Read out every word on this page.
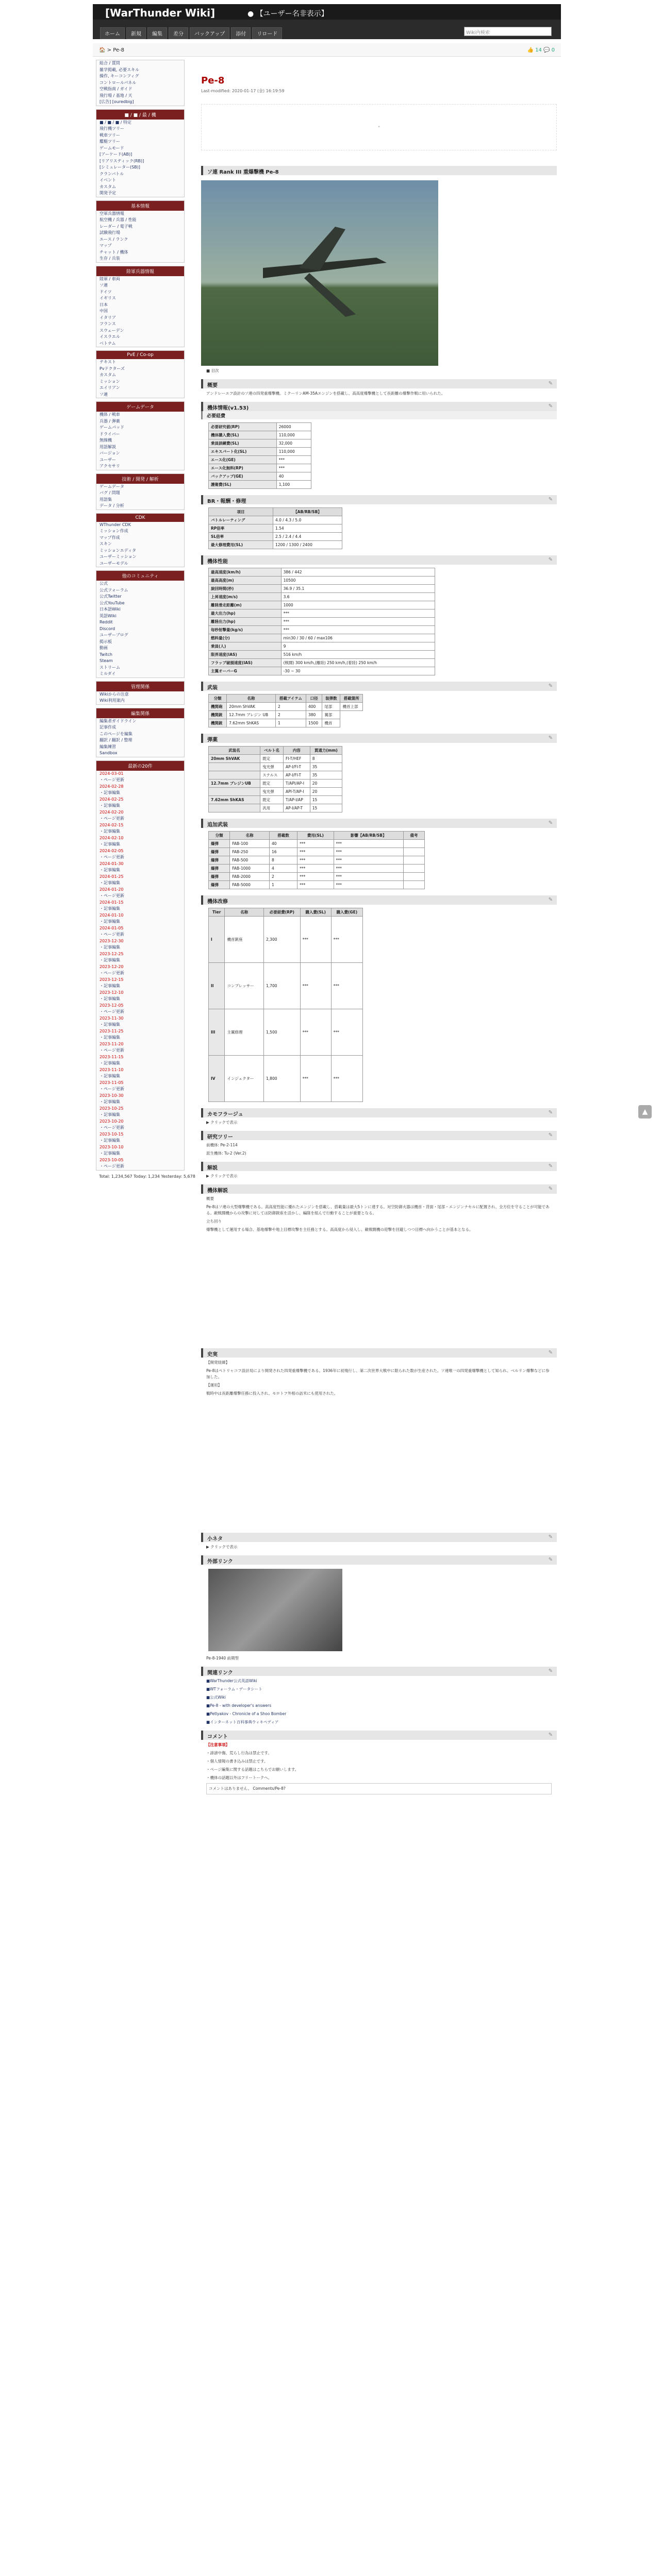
[WarThunder Wiki]	● 【ユーザー名非表示】
ホーム	新規	編集	差分	バックアップ	添付	リロード	Wiki内検索
🏠 > Pe-8	👍 14 💬 0
総合 / 質問
雑学掲載, 必要スキル
操作, キーコンフィグ
コントロールパネル
空戦指南 / ガイド
飛行場 / 基地 / 天
[広告] [ouredbig]
■ / ■ / 最 / 機
■ / ■ / ■ / 特定
飛行機ツリー
戦車ツリー
艦艇ツリー
ゲームモード
[アーケード(AB)]
[リアリスティック(RB)]
[シミュレーター(SB)]
クランバトル
イベント
カスタム
開発予定
基本情報
空軍兵器情報
航空機 / 兵器 / 性能
レーダー / 電子戦
試験飛行場
エース / ランク
マップ
チャット / 機体
生存 / 兵装
陸軍兵器情報
陸軍 / 車両
ソ連
ドイツ
イギリス
日本
中国
イタリア
フランス
スウェーデン
イスラエル
ベトナム
PvE / Co-op
テキスト
Pvドクターズ
カスタム
ミッション
エイリアン
ソ連
ゲームデータ
機体 / 戦車
兵器 / 弾薬
ゲームパッド
ドライバー
無線機
用語解説
バージョン
ユーザー
アクセサリ
技術 / 開発 / 解析
ゲームデータ
バグ / 問題
用語集
データ / 分析
CDK
WThunder CDK
ミッション作成
マップ作成
スキン
ミッションエディタ
ユーザーミッション
ユーザーモデル
他のコミュニティ
公式
公式フォーラム
公式Twitter
公式YouTube
日本語Wiki
英語Wiki
Reddit
Discord
ユーザーブログ
掲示板
動画
Twitch
Steam
ストリーム
ミルダイ
管理関係
Wikiからの注意
Wiki利用案内
編集関係
編集者ガイドライン
記事作成
このページを編集
翻訳 / 翻訳 / 整理
編集練習
Sandbox
最新の20件
2024-03-01
・ページ更新
2024-02-28
・記事編集
2024-02-25
・記事編集
2024-02-20
・ページ更新
2024-02-15
・記事編集
2024-02-10
・記事編集
2024-02-05
・ページ更新
2024-01-30
・記事編集
2024-01-25
・記事編集
2024-01-20
・ページ更新
2024-01-15
・記事編集
2024-01-10
・記事編集
2024-01-05
・ページ更新
2023-12-30
・記事編集
2023-12-25
・記事編集
2023-12-20
・ページ更新
2023-12-15
・記事編集
2023-12-10
・記事編集
2023-12-05
・ページ更新
2023-11-30
・記事編集
2023-11-25
・記事編集
2023-11-20
・ページ更新
2023-11-15
・記事編集
2023-11-10
・記事編集
2023-11-05
・ページ更新
2023-10-30
・記事編集
2023-10-25
・記事編集
2023-10-20
・ページ更新
2023-10-15
・記事編集
2023-10-10
・記事編集
2023-10-05
・ページ更新
Total: 1,234,567 Today: 1,234 Yesterday: 5,678
Pe-8
Last-modified: 2020-01-17 (金) 16:19:59
•
ソ連 Rank III 重爆撃機 Pe-8
■ 目次
概要	✎
アンドレーエフ設計のソ連の四発重爆撃機。ミクーリンAM-35Aエンジンを搭載し、高高度爆撃機として長距離の爆撃作戦に用いられた。
機体情報(v1.53)	✎
必要経費
必要研究値(RP)	26000
機体購入費(SL)	110,000
乗員訓練費(SL)	32,000
エキスパート化(SL)	110,000
エース化(GE)	***
エース化無料(RP)	***
バックアップ(GE)	40
護衛費(SL)	1,100
BR・報酬・修理	✎
項目	【AB/RB/SB】
バトルレーティング	4.0 / 4.3 / 5.0
RP倍率	1.54
SL倍率	2.5 / 2.4 / 4.4
最大修理費用(SL)	1200 / 1300 / 2400
機体性能	✎
最高速度(km/h)	386 / 442
最高高度(m)	10500
旋回時間(秒)	36.9 / 35.1
上昇速度(m/s)	3.6
離陸滑走距離(m)	1000
最大出力(hp)	***
離陸出力(hp)	***
毎秒射撃量(kg/s)	***
燃料量(分)	min30 / 30 / 60 / max106
乗員(人)	9
限界速度(IAS)	516 km/h
フラップ破損速度(IAS)	(戦闘) 300 km/h,(離陸) 250 km/h,(着陸) 250 km/h
主翼オーバーG	-30 ~ 30
武装	✎
分類	名称	搭載アイテム	口径	装弾数	搭載箇所
機関砲	20mm ShVAK	2	400	尾部	機首上部
機関銃	12.7mm ブレジン UB	2	380	翼部	
機関銃	7.62mm ShKAS	1	1500	機首	
弾薬	✎
武装名	ベルト名	内容	貫通力(mm)
20mm ShVAK	既定	FI-T/HEF	8
	曳光弾	AP-I/FI-T	35
	ステルス	AP-I/FI-T	35
12.7mm ブレジンUB	既定	T/API/AP-I	20
	曳光弾	API-T/AP-I	20
7.62mm ShKAS	既定	T/AP-I/AP	15
	汎用	AP-I/AP-T	15
追加武装	✎
分類	名称	搭載数	費用(SL)	影響【AB/RB/SB】	備考
爆弾	FAB-100	40	***	***	
爆弾	FAB-250	16	***	***	
爆弾	FAB-500	8	***	***	
爆弾	FAB-1000	4	***	***	
爆弾	FAB-2000	2	***	***	
爆弾	FAB-5000	1	***	***	
機体改修	✎
Tier	名称	必要経費(RP)	購入費(SL)	購入費(GE)
I	機首銃座	2,300	***	***
II	コンプレッサー	1,700	***	***
III	主翼修理	1,500	***	***
IV	インジェクター	1,800	***	***
カモフラージュ	✎
▶ クリックで表示
研究ツリー	✎
前機体: Pe-2-114
派生機体: Tu-2 (Ver.2)
解説	✎
▶ クリックで表示
機体解説	✎
概要
Pe-8はソ連の大型爆撃機である。高高度性能に優れたエンジンを搭載し、搭載量は最大5トンに達する。対空防御火器は機首・背面・尾部・エンジンナセルに配置され、全方位を守ることが可能である。敵戦闘機からの攻撃に対しては防御銃座を活かし、編隊を組んで行動することが重要となる。
立ち回り
爆撃機として運用する場合、基地爆撃や地上目標攻撃を主任務とする。高高度から侵入し、敵戦闘機の迎撃を回避しつつ目標へ向かうことが基本となる。
史実	✎
【開発経緯】
Pe-8はペトリャコフ設計局により開発された四発重爆撃機である。1936年に初飛行し、第二次世界大戦中に限られた数が生産された。ソ連唯一の四発重爆撃機として知られ、ベルリン爆撃などに参加した。
【運用】
戦時中は長距離爆撃任務に投入され、モロトフ外相の訪米にも使用された。
小ネタ	✎
▶ クリックで表示
外部リンク	✎
Pe-8-1940 前期型
関連リンク	✎
■WarThunder公式英語Wiki
■WTフォーラム・データシート
■公式Wiki
■Pe-8 - with developer's answers
■Petlyakov - Chronicle of a Shoo Bomber
■インターネット百科事典ウィキペディア
コメント	✎
【注意事項】
・誹謗中傷、荒らし行為は禁止です。
・個人情報の書き込みは禁止です。
・ページ編集に関する話題はこちらでお願いします。
・機体の話題以外はフリートークへ。
コメントはありません。 Comments/Pe-8?
▲
